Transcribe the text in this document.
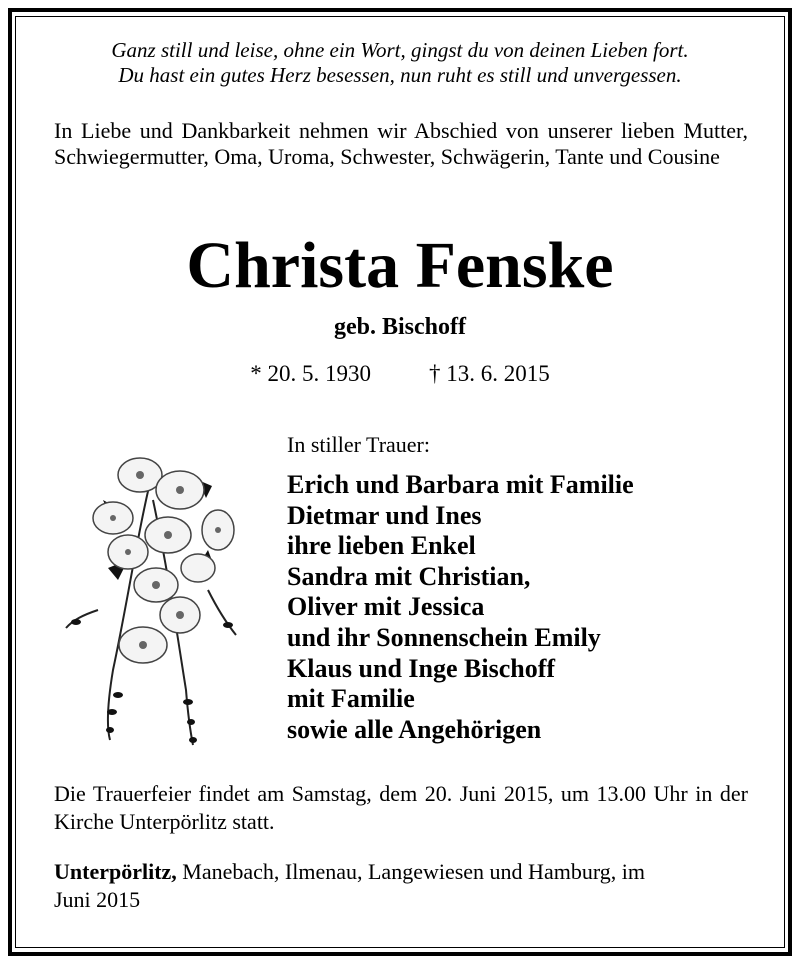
Ganz still und leise, ohne ein Wort, gingst du von deinen Lieben fort.
Du hast ein gutes Herz besessen, nun ruht es still und unvergessen.
In Liebe und Dankbarkeit nehmen wir Abschied von unserer lieben Mutter, Schwiegermutter, Oma, Uroma, Schwester, Schwägerin, Tante und Cousine
Christa Fenske
geb. Bischoff
* 20. 5. 1930	† 13. 6. 2015
In stiller Trauer:
Erich und Barbara mit Familie
Dietmar und Ines
ihre lieben Enkel
Sandra mit Christian,
Oliver mit Jessica
und ihr Sonnenschein Emily
Klaus und Inge Bischoff
mit Familie
sowie alle Angehörigen
Die Trauerfeier findet am Samstag, dem 20. Juni 2015, um 13.00 Uhr in der Kirche Unterpörlitz statt.
Unterpörlitz, Manebach, Ilmenau, Langewiesen und Hamburg, im Juni 2015
